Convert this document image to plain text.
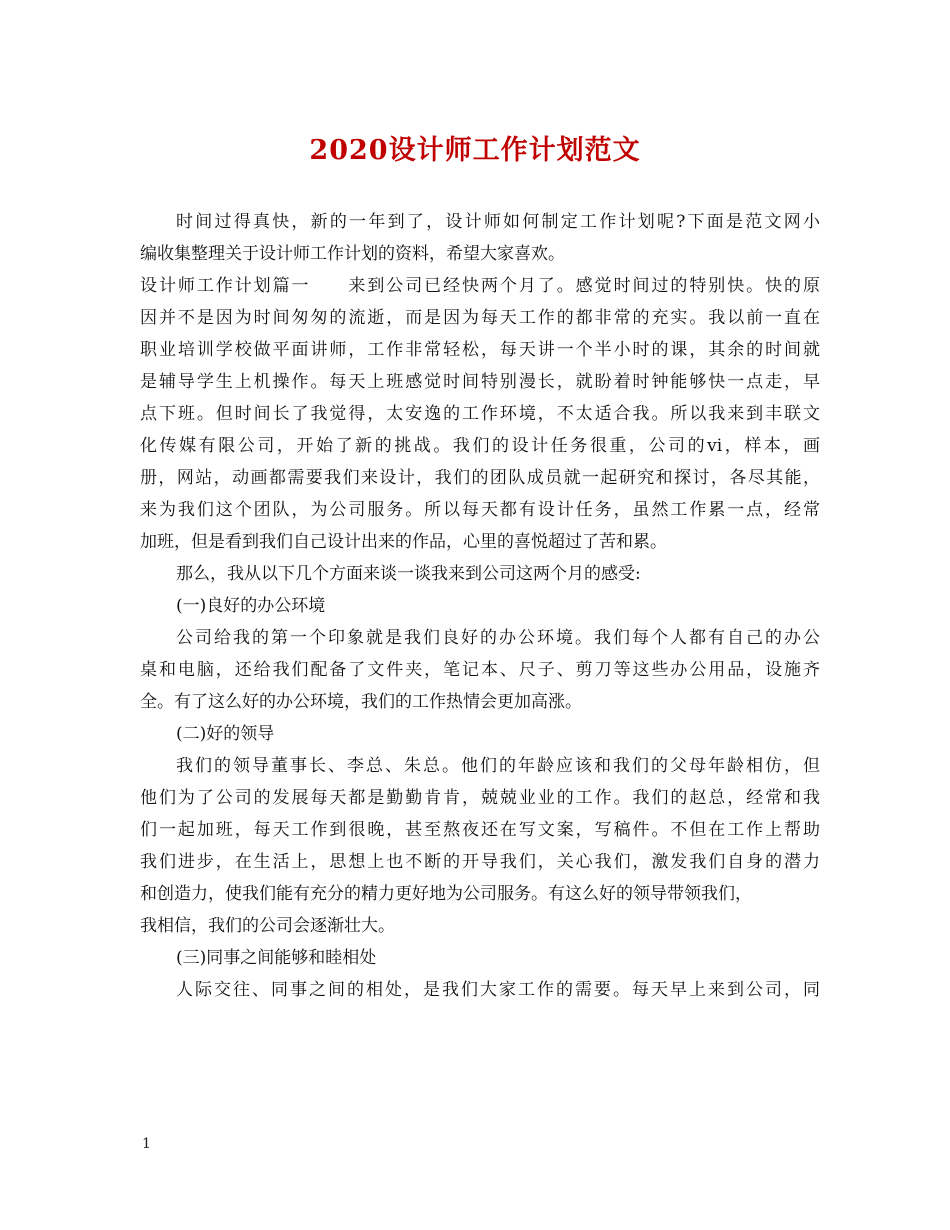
2020设计师工作计划范文
时间过得真快，新的一年到了，设计师如何制定工作计划呢?下面是范文网小
编收集整理关于设计师工作计划的资料，希望大家喜欢。
设计师工作计划篇一　　来到公司已经快两个月了。感觉时间过的特别快。快的原
因并不是因为时间匆匆的流逝，而是因为每天工作的都非常的充实。我以前一直在
职业培训学校做平面讲师，工作非常轻松，每天讲一个半小时的课，其余的时间就
是辅导学生上机操作。每天上班感觉时间特别漫长，就盼着时钟能够快一点走，早
点下班。但时间长了我觉得，太安逸的工作环境，不太适合我。所以我来到丰联文
化传媒有限公司，开始了新的挑战。我们的设计任务很重，公司的vi，样本，画
册，网站，动画都需要我们来设计，我们的团队成员就一起研究和探讨，各尽其能，
来为我们这个团队，为公司服务。所以每天都有设计任务，虽然工作累一点，经常
加班，但是看到我们自己设计出来的作品，心里的喜悦超过了苦和累。
那么，我从以下几个方面来谈一谈我来到公司这两个月的感受:
(一)良好的办公环境
公司给我的第一个印象就是我们良好的办公环境。我们每个人都有自己的办公
桌和电脑，还给我们配备了文件夹，笔记本、尺子、剪刀等这些办公用品，设施齐
全。有了这么好的办公环境，我们的工作热情会更加高涨。
(二)好的领导
我们的领导董事长、李总、朱总。他们的年龄应该和我们的父母年龄相仿，但
他们为了公司的发展每天都是勤勤肯肯，兢兢业业的工作。我们的赵总，经常和我
们一起加班，每天工作到很晚，甚至熬夜还在写文案，写稿件。不但在工作上帮助
我们进步，在生活上，思想上也不断的开导我们，关心我们，激发我们自身的潜力
和创造力，使我们能有充分的精力更好地为公司服务。有这么好的领导带领我们，
我相信，我们的公司会逐渐壮大。
(三)同事之间能够和睦相处
人际交往、同事之间的相处，是我们大家工作的需要。每天早上来到公司，同
1
